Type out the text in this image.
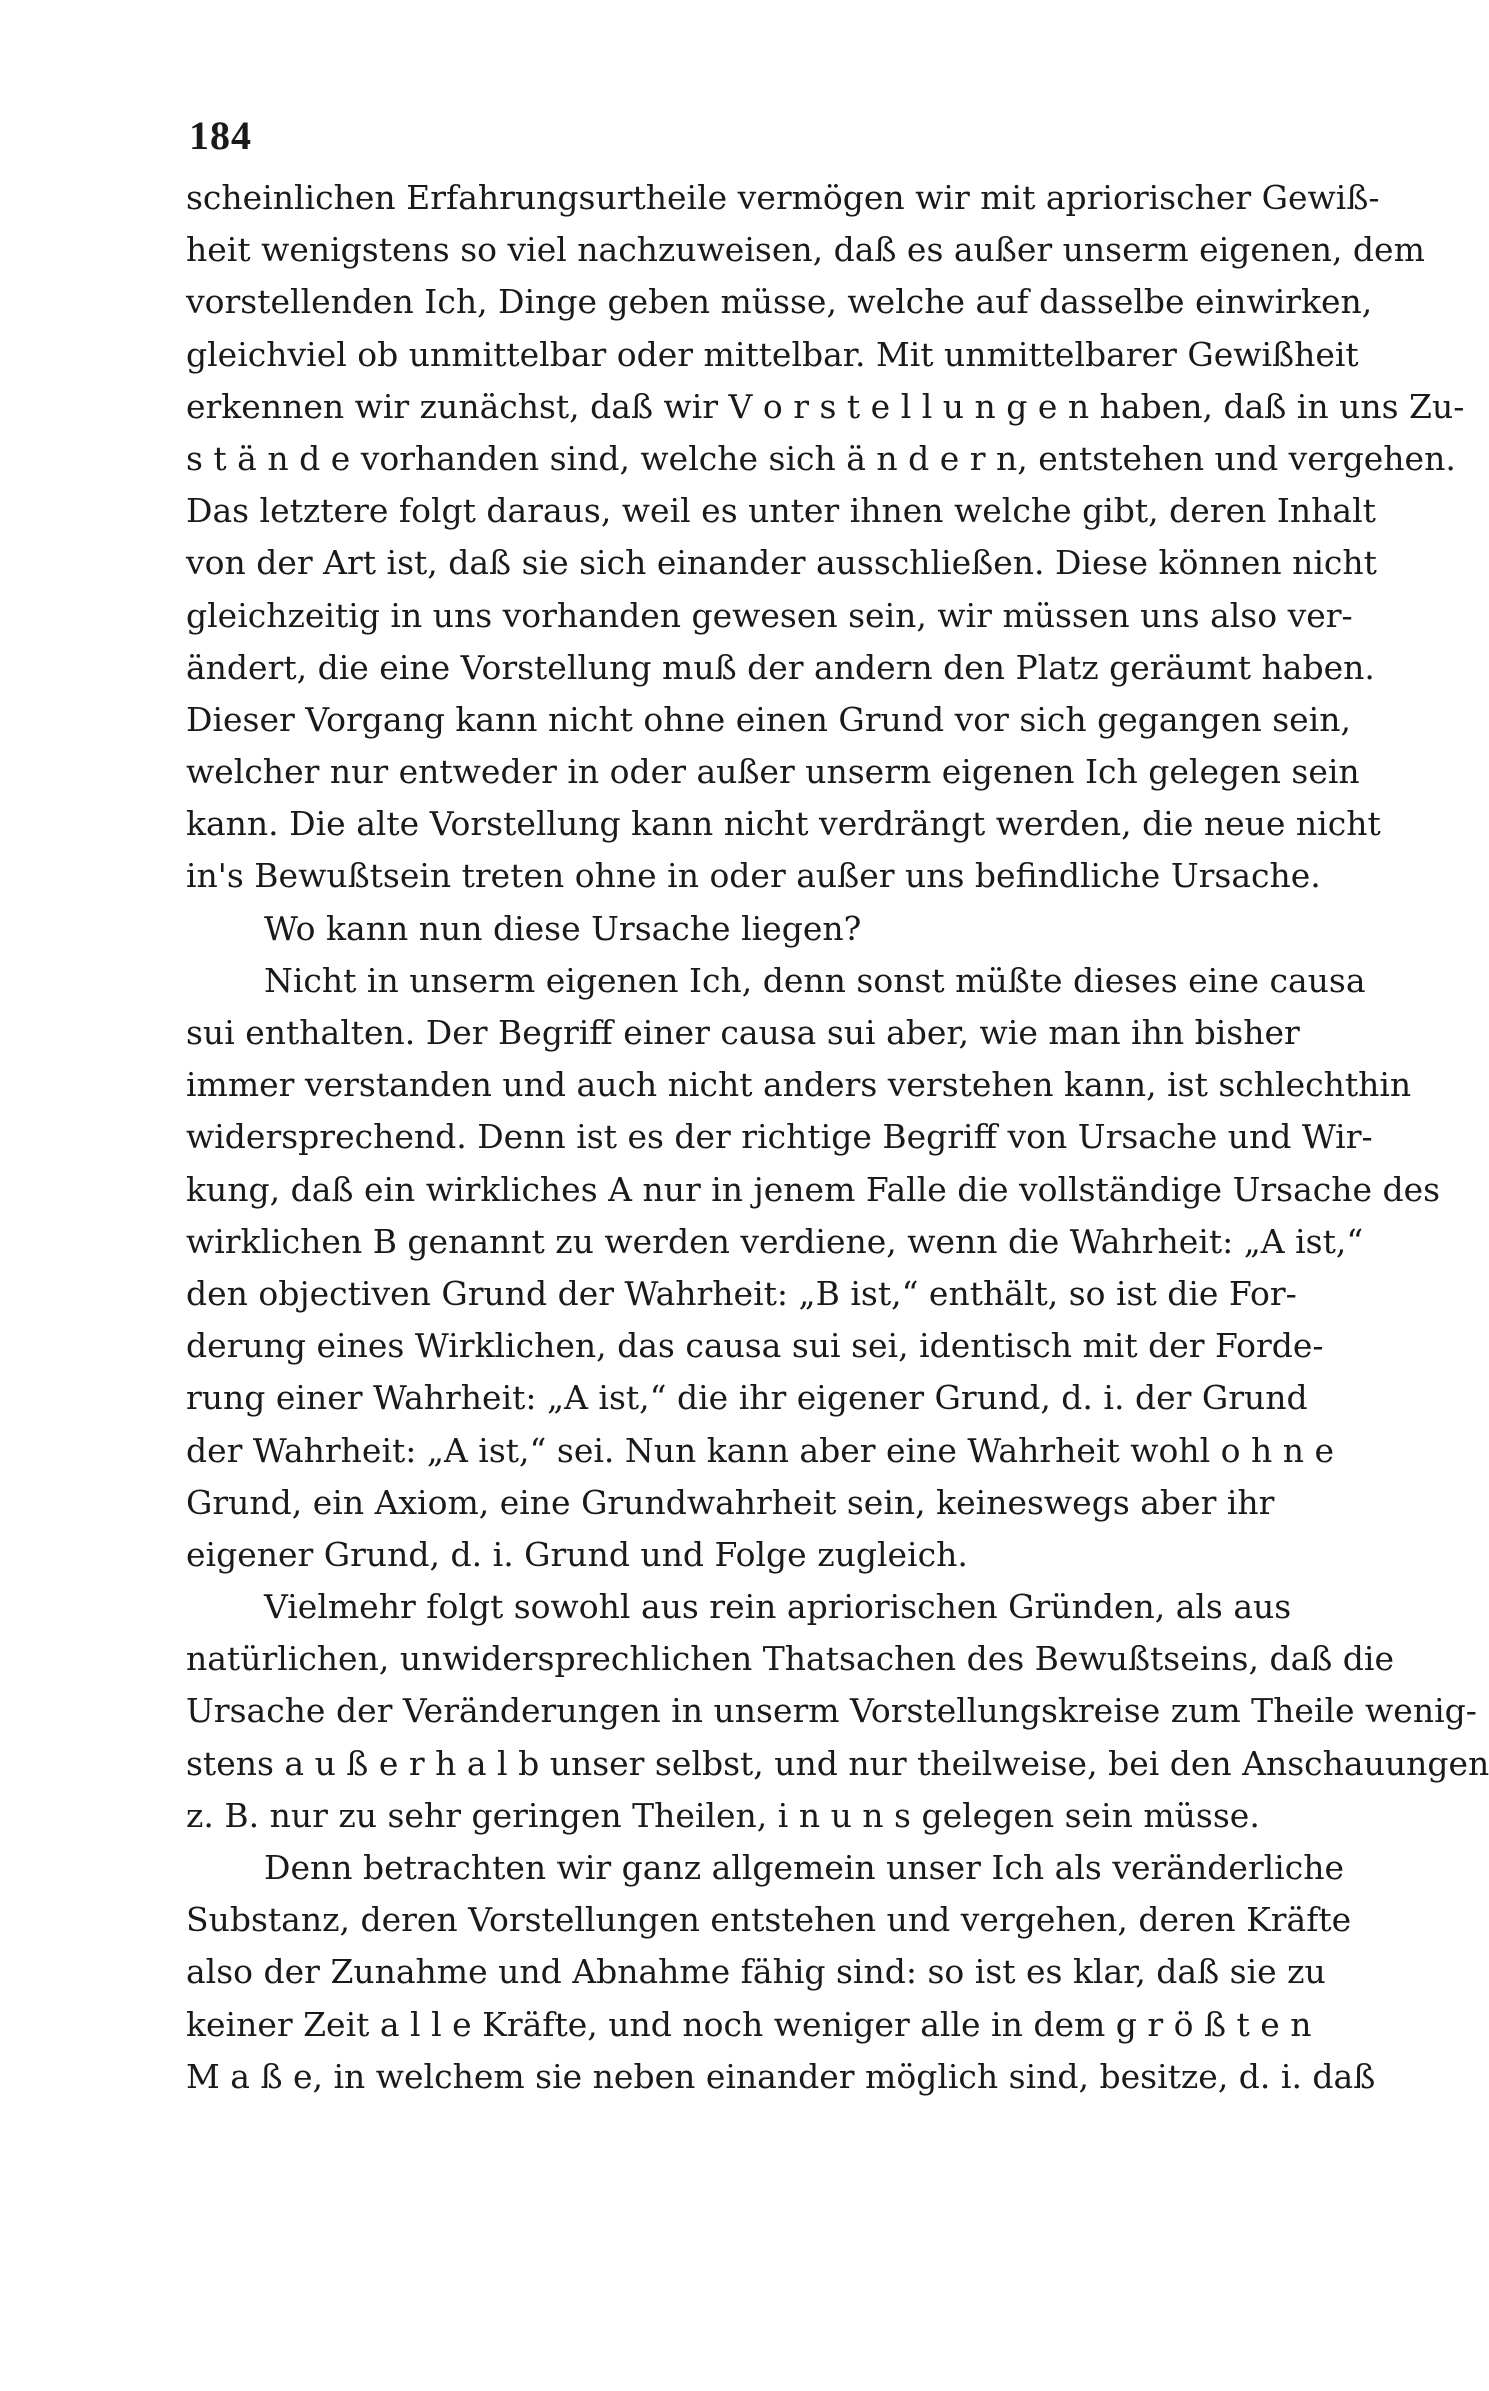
184
scheinlichen Erfahrungsurtheile vermögen wir mit apriorischer Gewiß-
heit wenigstens so viel nachzuweisen, daß es außer unserm eigenen, dem
vorstellenden Ich, Dinge geben müsse, welche auf dasselbe einwirken,
gleichviel ob unmittelbar oder mittelbar. Mit unmittelbarer Gewißheit
erkennen wir zunächst, daß wir V o r s t e l l u n g e n haben, daß in uns Zu-
s t ä n d e vorhanden sind, welche sich ä n d e r n, entstehen und vergehen.
Das letztere folgt daraus, weil es unter ihnen welche gibt, deren Inhalt
von der Art ist, daß sie sich einander ausschließen. Diese können nicht
gleichzeitig in uns vorhanden gewesen sein, wir müssen uns also ver-
ändert, die eine Vorstellung muß der andern den Platz geräumt haben.
Dieser Vorgang kann nicht ohne einen Grund vor sich gegangen sein,
welcher nur entweder in oder außer unserm eigenen Ich gelegen sein
kann. Die alte Vorstellung kann nicht verdrängt werden, die neue nicht
in's Bewußtsein treten ohne in oder außer uns befindliche Ursache.
Wo kann nun diese Ursache liegen?
Nicht in unserm eigenen Ich, denn sonst müßte dieses eine causa
sui enthalten. Der Begriff einer causa sui aber, wie man ihn bisher
immer verstanden und auch nicht anders verstehen kann, ist schlechthin
widersprechend. Denn ist es der richtige Begriff von Ursache und Wir-
kung, daß ein wirkliches A nur in jenem Falle die vollständige Ursache des
wirklichen B genannt zu werden verdiene, wenn die Wahrheit: „A ist,“
den objectiven Grund der Wahrheit: „B ist,“ enthält, so ist die For-
derung eines Wirklichen, das causa sui sei, identisch mit der Forde-
rung einer Wahrheit: „A ist,“ die ihr eigener Grund, d. i. der Grund
der Wahrheit: „A ist,“ sei. Nun kann aber eine Wahrheit wohl o h n e
Grund, ein Axiom, eine Grundwahrheit sein, keineswegs aber ihr
eigener Grund, d. i. Grund und Folge zugleich.
Vielmehr folgt sowohl aus rein apriorischen Gründen, als aus
natürlichen, unwidersprechlichen Thatsachen des Bewußtseins, daß die
Ursache der Veränderungen in unserm Vorstellungskreise zum Theile wenig-
stens a u ß e r h a l b unser selbst, und nur theilweise, bei den Anschauungen
z. B. nur zu sehr geringen Theilen, i n u n s gelegen sein müsse.
Denn betrachten wir ganz allgemein unser Ich als veränderliche
Substanz, deren Vorstellungen entstehen und vergehen, deren Kräfte
also der Zunahme und Abnahme fähig sind: so ist es klar, daß sie zu
keiner Zeit a l l e Kräfte, und noch weniger alle in dem g r ö ß t e n
M a ß e, in welchem sie neben einander möglich sind, besitze, d. i. daß
